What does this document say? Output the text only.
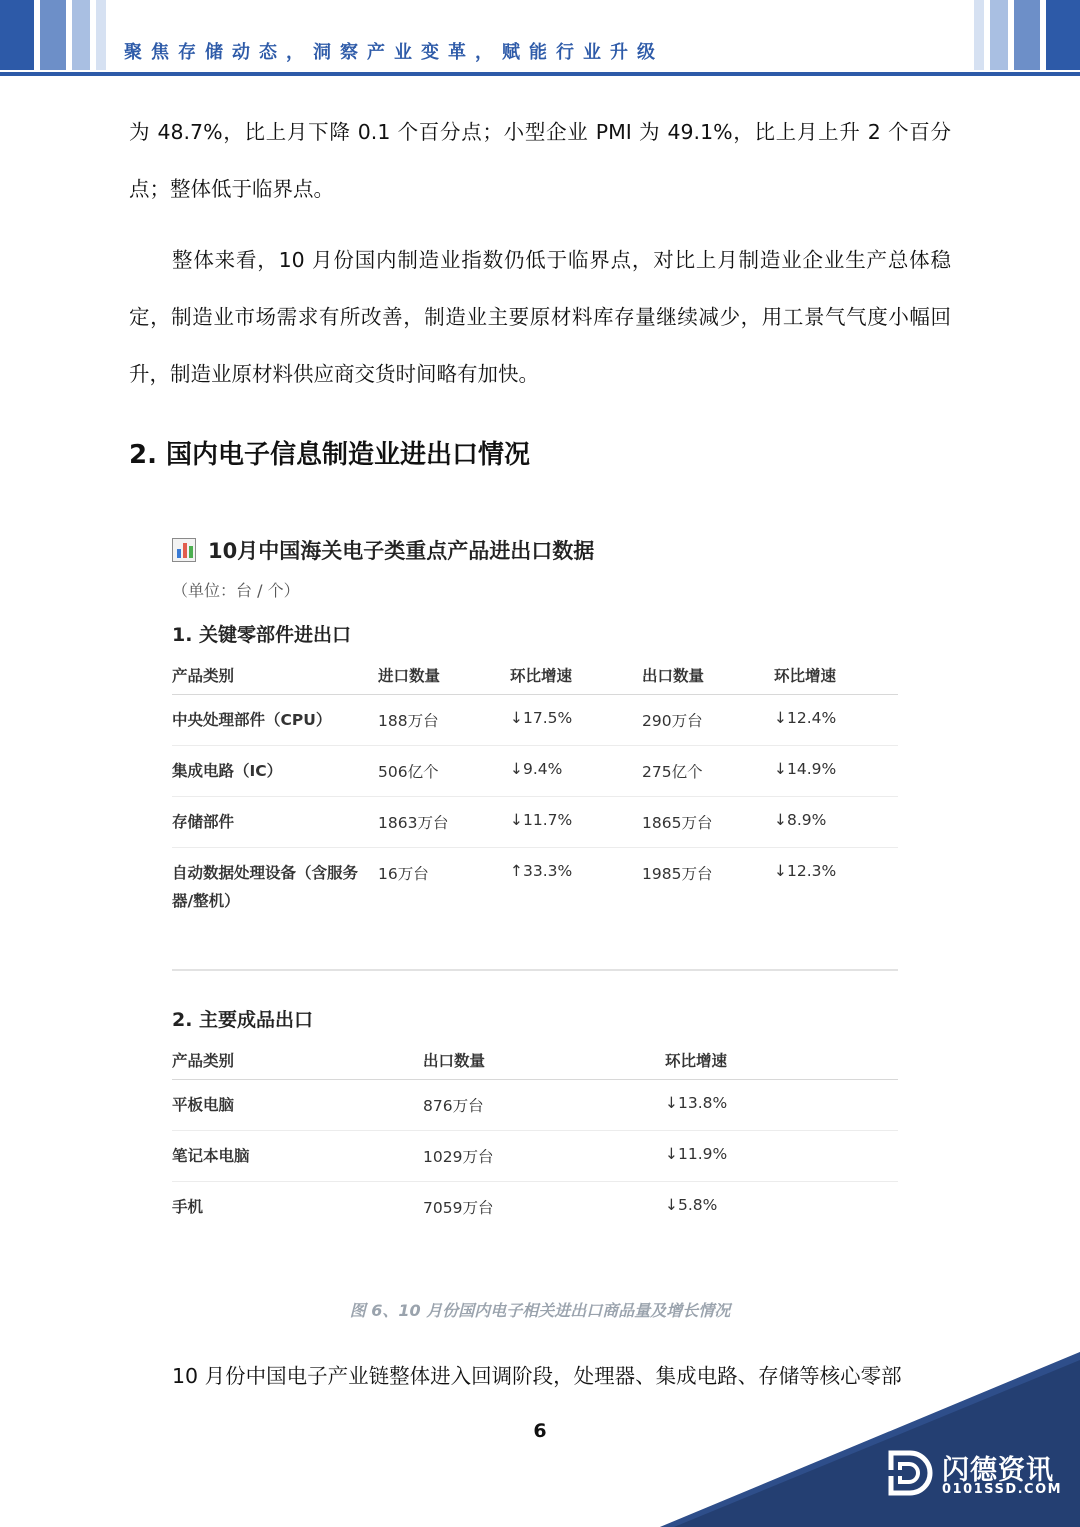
聚焦存储动态，洞察产业变革，赋能行业升级

为 48.7%，比上月下降 0.1 个百分点；小型企业 PMI 为 49.1%，比上月上升 2 个百分点；整体低于临界点。

整体来看，10 月份国内制造业指数仍低于临界点，对比上月制造业企业生产总体稳定，制造业市场需求有所改善，制造业主要原材料库存量继续减少，用工景气气度小幅回升，制造业原材料供应商交货时间略有加快。

2. 国内电子信息制造业进出口情况
10月中国海关电子类重点产品进出口数据
（单位：台 / 个）
1. 关键零部件进出口
产品类别	进口数量	环比增速	出口数量	环比增速
中央处理部件（CPU）	188万台	↓17.5%	290万台	↓12.4%
集成电路（IC）	506亿个	↓9.4%	275亿个	↓14.9%
存储部件	1863万台	↓11.7%	1865万台	↓8.9%
自动数据处理设备（含服务器/整机）	16万台	↑33.3%	1985万台	↓12.3%
2. 主要成品出口
产品类别	出口数量	环比增速
平板电脑	876万台	↓13.8%
笔记本电脑	1029万台	↓11.9%
手机	7059万台	↓5.8%
图 6、10 月份国内电子相关进出口商品量及增长情况

10 月份中国电子产业链整体进入回调阶段，处理器、集成电路、存储等核心零部

6
闪德资讯
0101SSD.COM
